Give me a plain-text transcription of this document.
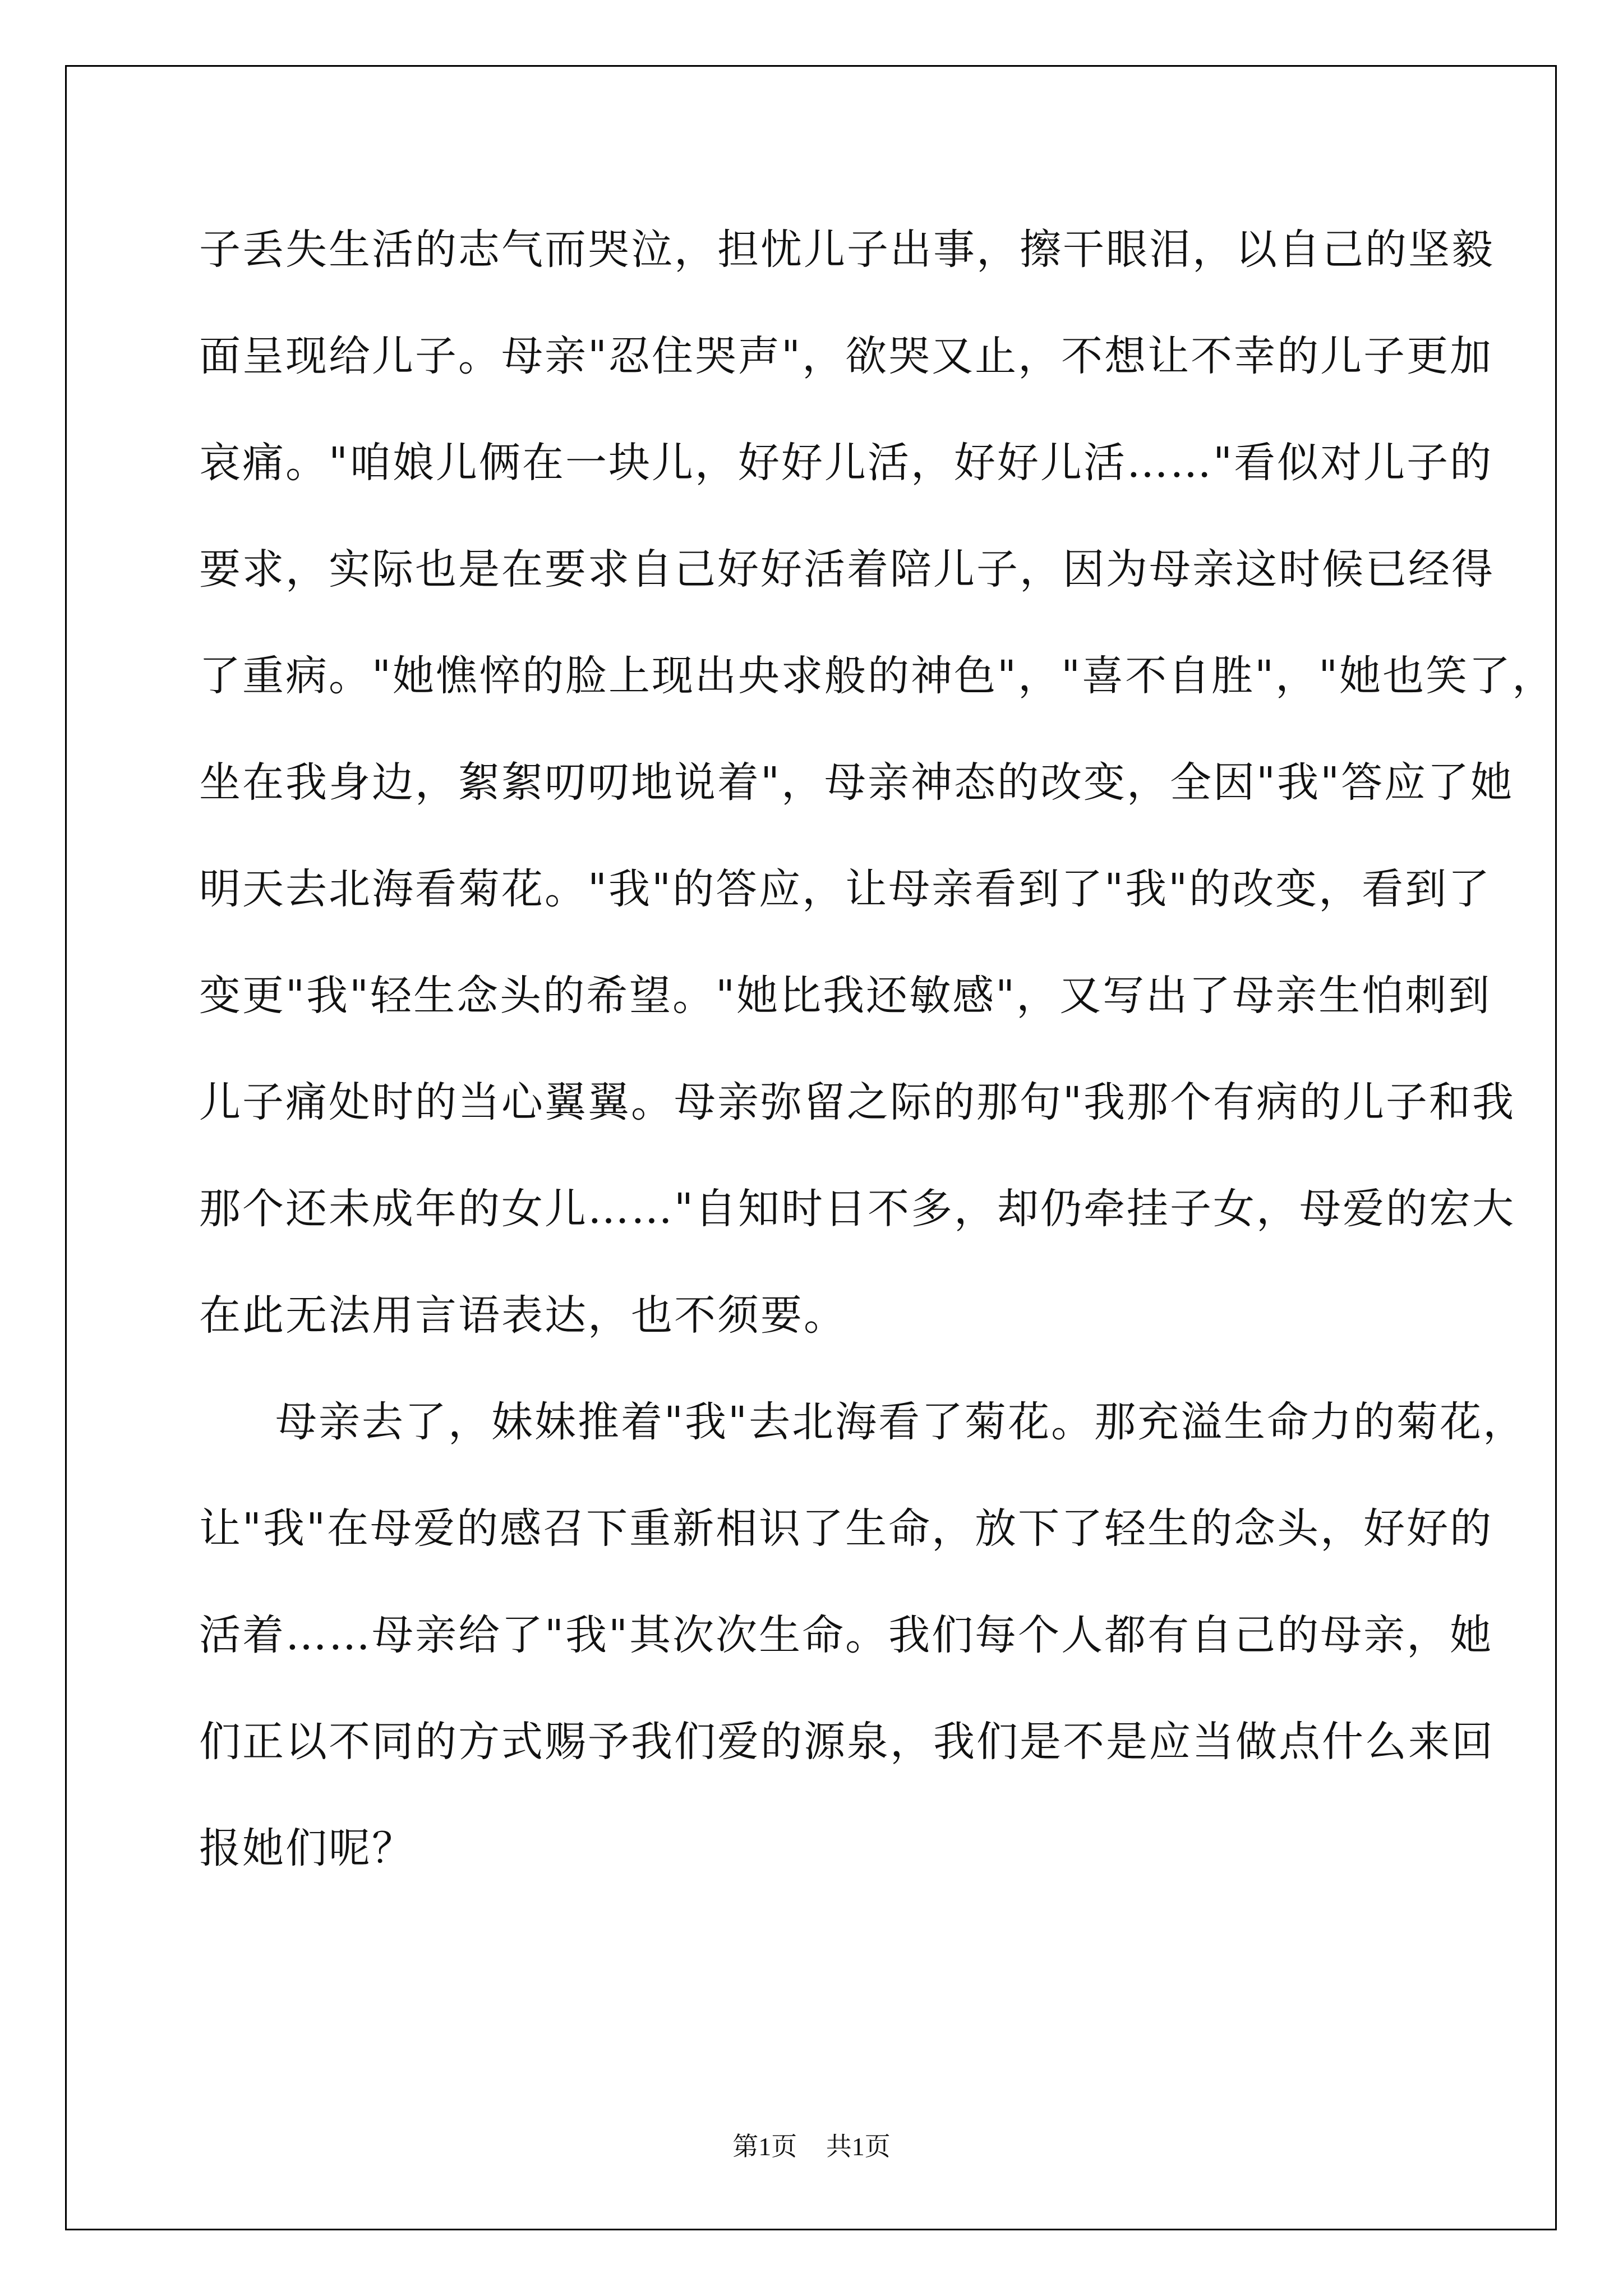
子丢失生活的志气而哭泣，担忧儿子出事，擦干眼泪，以自己的坚毅
面呈现给儿子。母亲"忍住哭声"，欲哭又止，不想让不幸的儿子更加
哀痛。"咱娘儿俩在一块儿，好好儿活，好好儿活……"看似对儿子的
要求，实际也是在要求自己好好活着陪儿子，因为母亲这时候已经得
了重病。"她憔悴的脸上现出央求般的神色"，"喜不自胜"，"她也笑了，
坐在我身边，絮絮叨叨地说着"，母亲神态的改变，全因"我"答应了她
明天去北海看菊花。"我"的答应，让母亲看到了"我"的改变，看到了
变更"我"轻生念头的希望。"她比我还敏感"，又写出了母亲生怕刺到
儿子痛处时的当心翼翼。母亲弥留之际的那句"我那个有病的儿子和我
那个还未成年的女儿……"自知时日不多，却仍牵挂子女，母爱的宏大
在此无法用言语表达，也不须要。
母亲去了，妹妹推着"我"去北海看了菊花。那充溢生命力的菊花，
让"我"在母爱的感召下重新相识了生命，放下了轻生的念头，好好的
活着……母亲给了"我"其次次生命。我们每个人都有自己的母亲，她
们正以不同的方式赐予我们爱的源泉，我们是不是应当做点什么来回
报她们呢？
第1页 共1页
